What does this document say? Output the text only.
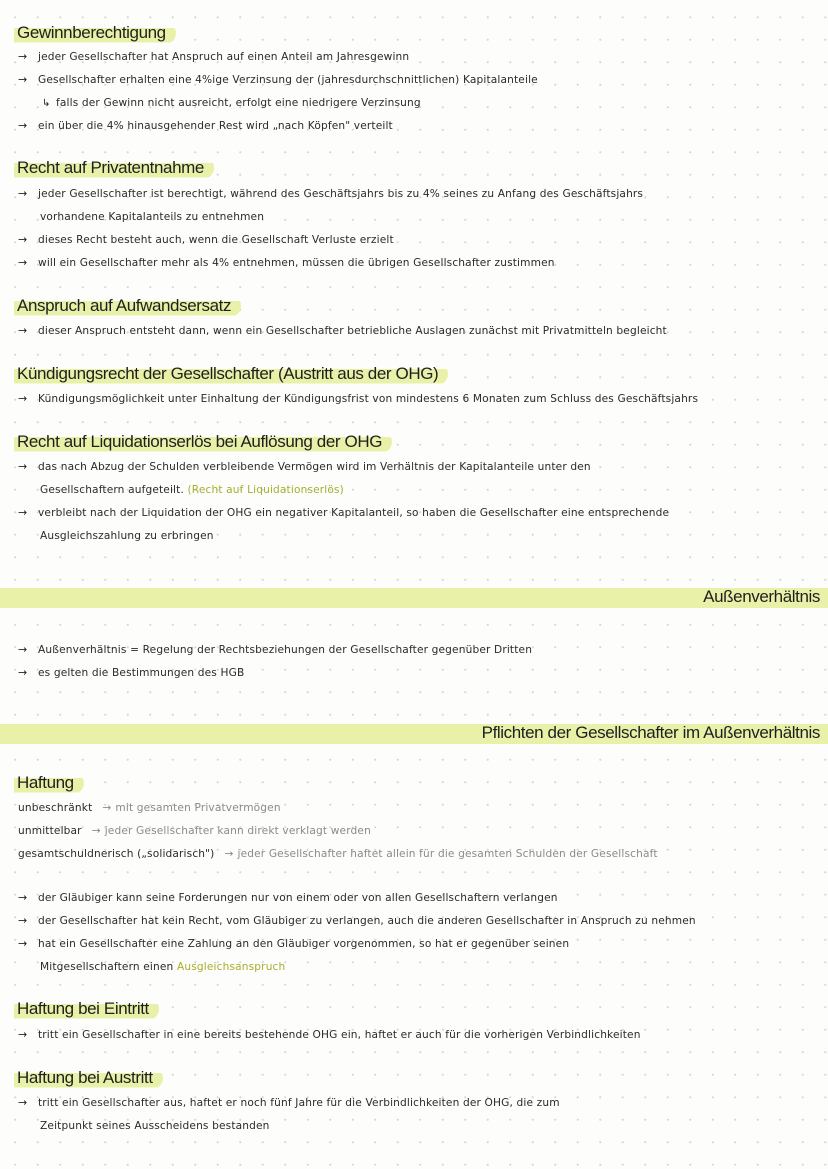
Gewinnberechtigung
→ jeder Gesellschafter hat Anspruch auf einen Anteil am Jahresgewinn
→ Gesellschafter erhalten eine 4%ige Verzinsung der (jahresdurchschnittlichen) Kapitalanteile
↳ falls der Gewinn nicht ausreicht, erfolgt eine niedrigere Verzinsung
→ ein über die 4% hinausgehender Rest wird „nach Köpfen" verteilt
Recht auf Privatentnahme
→ jeder Gesellschafter ist berechtigt, während des Geschäftsjahrs bis zu 4% seines zu Anfang des Geschäftsjahrs
vorhandene Kapitalanteils zu entnehmen
→ dieses Recht besteht auch, wenn die Gesellschaft Verluste erzielt
→ will ein Gesellschafter mehr als 4% entnehmen, müssen die übrigen Gesellschafter zustimmen
Anspruch auf Aufwandsersatz
→ dieser Anspruch entsteht dann, wenn ein Gesellschafter betriebliche Auslagen zunächst mit Privatmitteln begleicht
Kündigungsrecht der Gesellschafter (Austritt aus der OHG)
→ Kündigungsmöglichkeit unter Einhaltung der Kündigungsfrist von mindestens 6 Monaten zum Schluss des Geschäftsjahrs
Recht auf Liquidationserlös bei Auflösung der OHG
→ das nach Abzug der Schulden verbleibende Vermögen wird im Verhältnis der Kapitalanteile unter den
Gesellschaftern aufgeteilt. (Recht auf Liquidationserlös)
→ verbleibt nach der Liquidation der OHG ein negativer Kapitalanteil, so haben die Gesellschafter eine entsprechende
Ausgleichszahlung zu erbringen
Außenverhältnis
→ Außenverhältnis = Regelung der Rechtsbeziehungen der Gesellschafter gegenüber Dritten
→ es gelten die Bestimmungen des HGB
Pflichten der Gesellschafter im Außenverhältnis
Haftung
unbeschränkt → mit gesamten Privatvermögen
unmittelbar → jeder Gesellschafter kann direkt verklagt werden
gesamtschuldnerisch („solidarisch") → jeder Gesellschafter haftet allein für die gesamten Schulden der Gesellschaft
→ der Gläubiger kann seine Forderungen nur von einem oder von allen Gesellschaftern verlangen
→ der Gesellschafter hat kein Recht, vom Gläubiger zu verlangen, auch die anderen Gesellschafter in Anspruch zu nehmen
→ hat ein Gesellschafter eine Zahlung an den Gläubiger vorgenommen, so hat er gegenüber seinen
Mitgesellschaftern einen Ausgleichsanspruch
Haftung bei Eintritt
→ tritt ein Gesellschafter in eine bereits bestehende OHG ein, haftet er auch für die vorherigen Verbindlichkeiten
Haftung bei Austritt
→ tritt ein Gesellschafter aus, haftet er noch fünf Jahre für die Verbindlichkeiten der OHG, die zum
Zeitpunkt seines Ausscheidens bestanden
